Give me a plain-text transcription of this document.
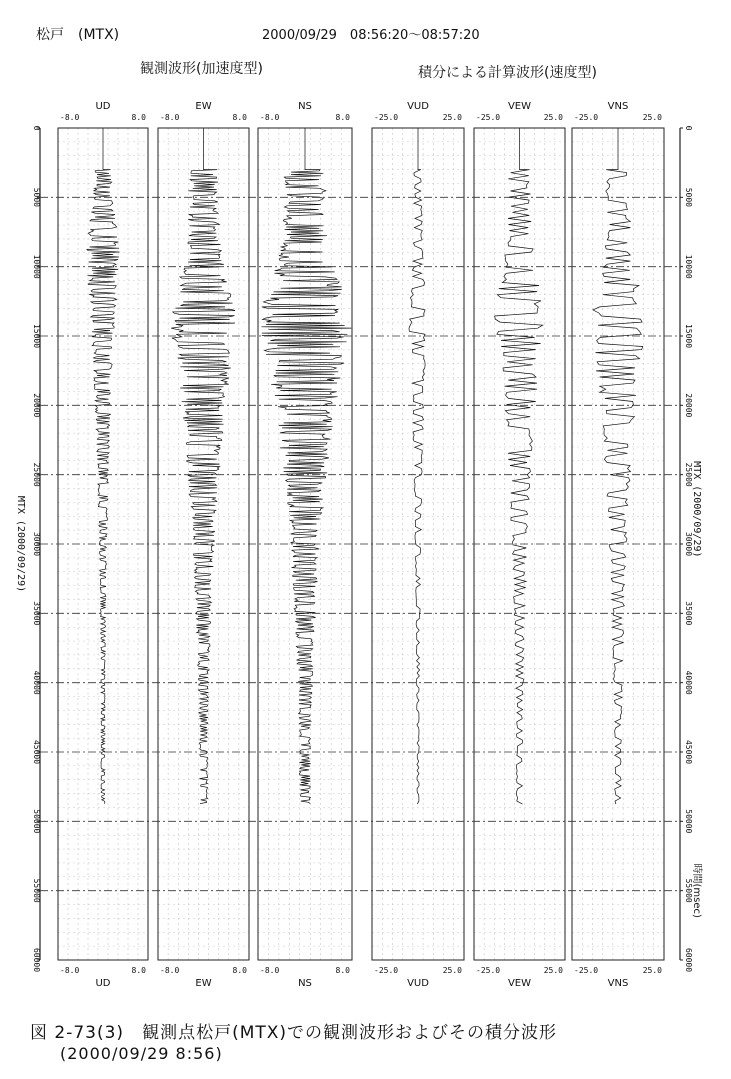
松戸　(MTX)	2000/09/29　08:56:20〜08:57:20
観測波形(加速度型)	積分による計算波形(速度型)
-8.0	8.0
-8.0	8.0
UD
UD
-8.0	8.0
-8.0	8.0
EW
EW
-8.0	8.0
-8.0	8.0
NS
NS
-25.0	25.0
-25.0	25.0
VUD
VUD
-25.0	25.0
-25.0	25.0
VEW
VEW
-25.0	25.0
-25.0	25.0
VNS
VNS
0	0
5000	5000
10000	10000
15000	15000
20000	20000
25000	25000
30000	30000
35000	35000
40000	40000
45000	45000
50000	50000
55000	55000
60000	60000
MTX (2000/09/29)	MTX (2000/09/29)
時間(msec)
図 2-73(3)　観測点松戸(MTX)での観測波形およびその積分波形
(2000/09/29 8:56)
